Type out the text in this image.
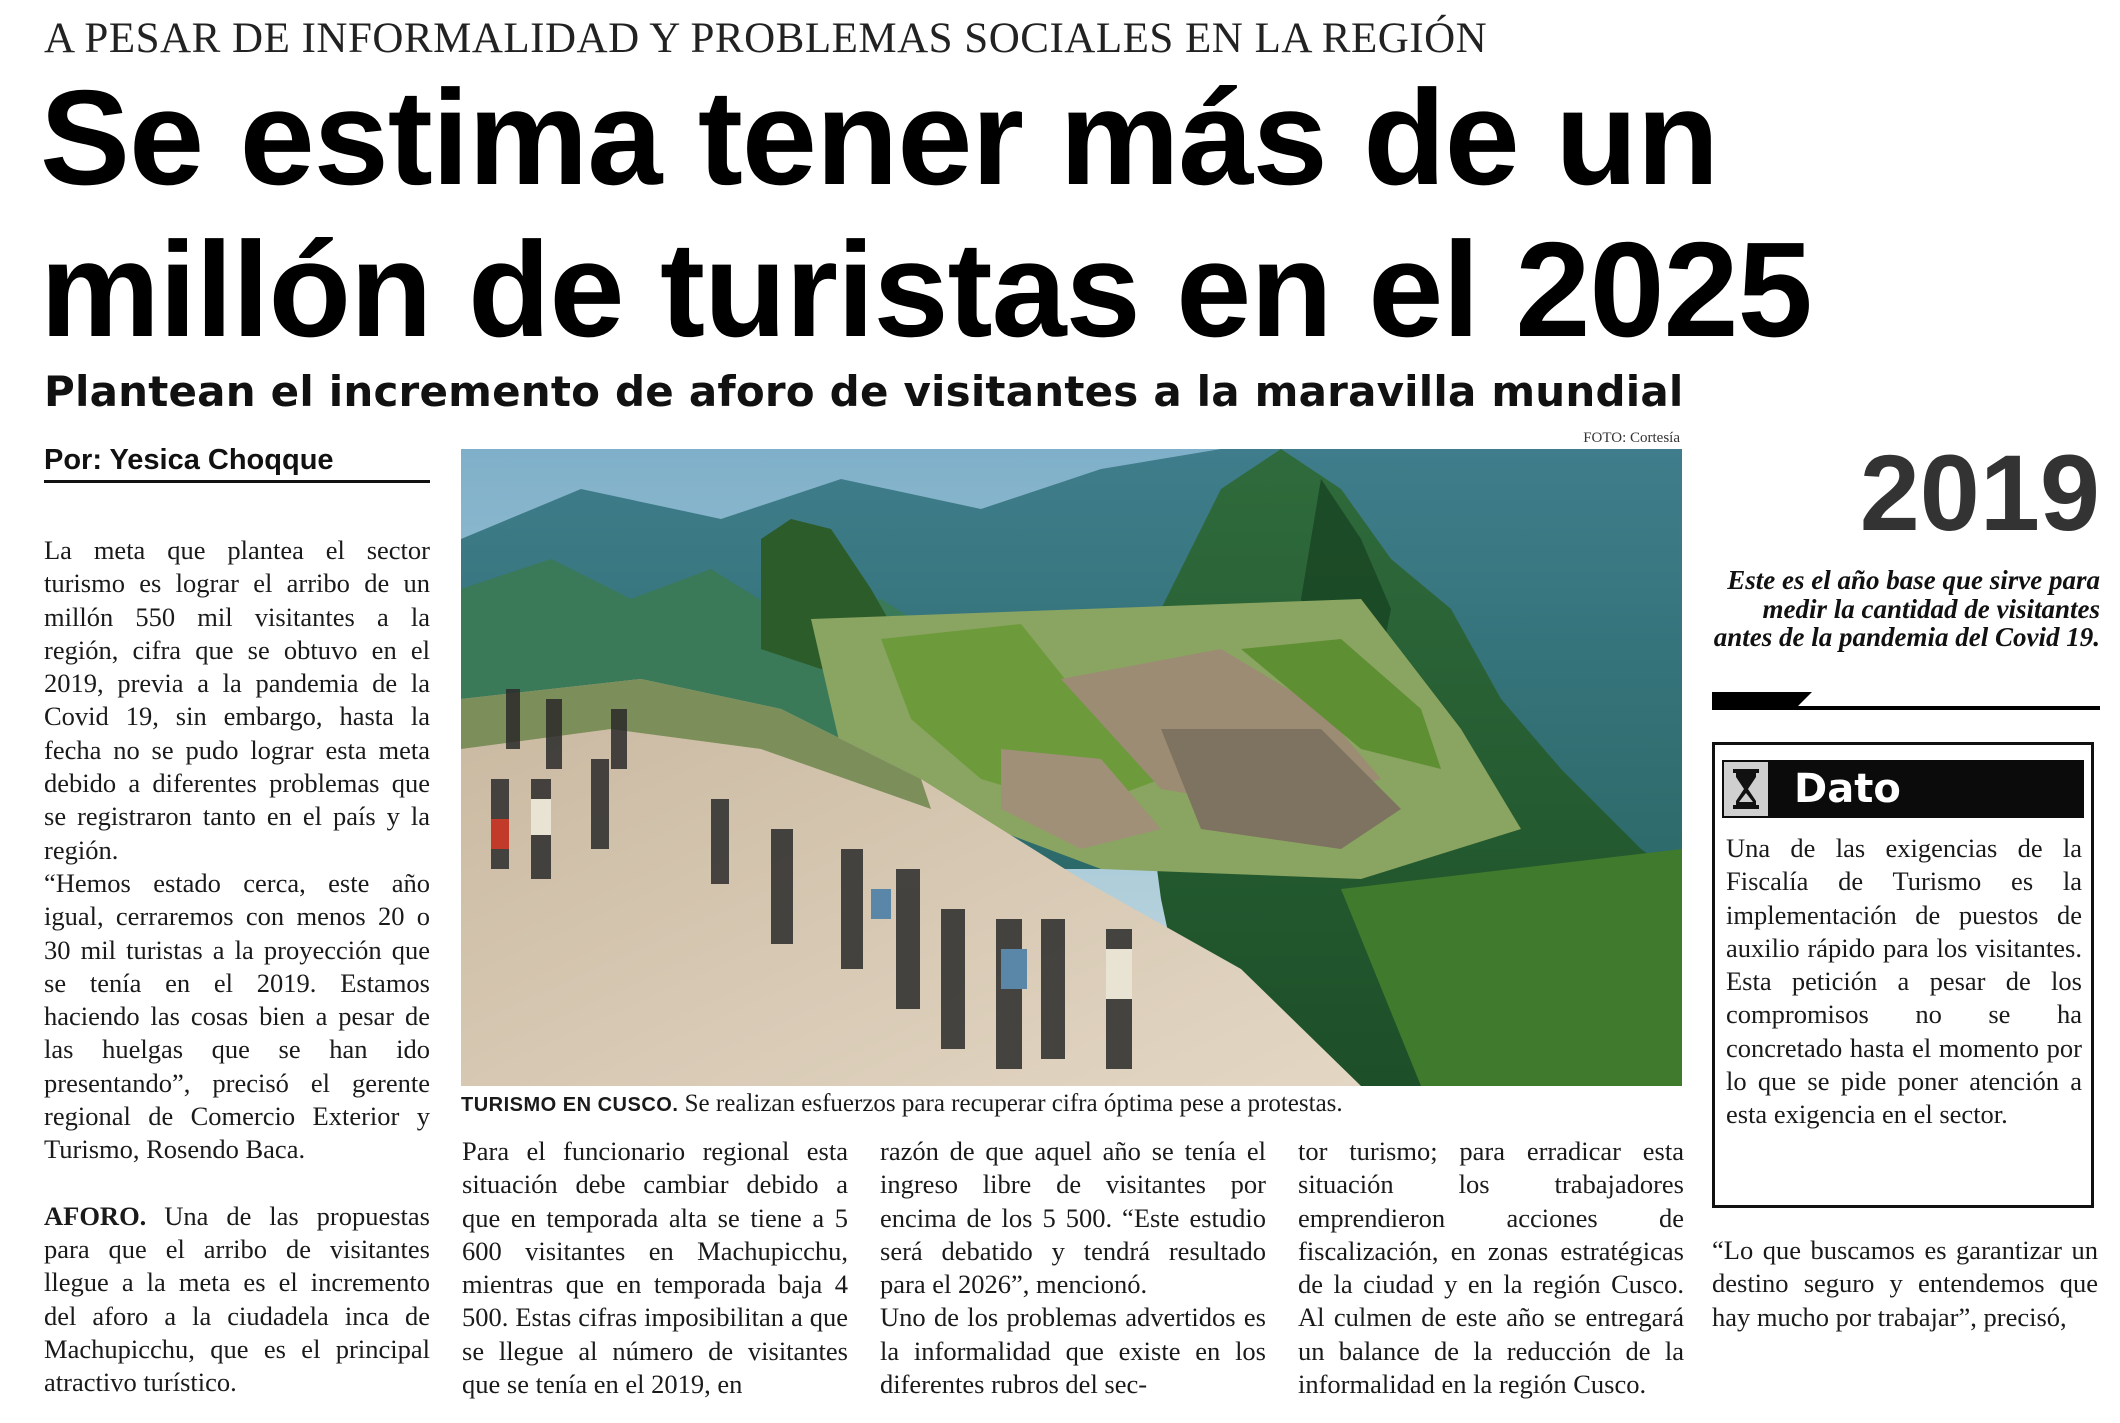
A PESAR DE INFORMALIDAD Y PROBLEMAS SOCIALES EN LA REGIÓN
Se estima tener más de un
millón de turistas en el 2025
Plantean el incremento de aforo de visitantes a la maravilla mundial
Por: Yesica Choqque

La meta que plantea el sector turismo es lograr el arribo de un millón 550 mil visitantes a la región, cifra que se obtuvo en el 2019, previa a la pandemia de la Covid 19, sin embargo, hasta la fecha no se pudo lograr esta meta debido a diferentes problemas que se registraron tanto en el país y la región.

“Hemos estado cerca, este año igual, cerraremos con menos 20 o 30 mil turistas a la proyección que se tenía en el 2019. Estamos haciendo las cosas bien a pesar de las huelgas que se han ido presentando”, precisó el gerente regional de Comercio Exterior y Turismo, Rosendo Baca.

AFORO. Una de las propuestas para que el arribo de visitantes llegue a la meta es el incremento del aforo a la ciudadela inca de Machupicchu, que es el principal atractivo turístico.

FOTO: Cortesía
TURISMO EN CUSCO. Se realizan esfuerzos para recuperar cifra óptima pese a protestas.

Para el funcionario regional esta situación debe cambiar debido a que en temporada alta se tiene a 5 600 visitantes en Machupicchu, mientras que en temporada baja 4 500. Estas cifras imposibilitan a que se llegue al número de visitantes que se tenía en el 2019, en

razón de que aquel año se tenía el ingreso libre de visitantes por encima de los 5 500. “Este estudio será debatido y tendrá resultado para el 2026”, mencionó.

Uno de los problemas advertidos es la informalidad que existe en los diferentes rubros del sec-

tor turismo; para erradicar esta situación los trabajadores emprendieron acciones de fiscalización, en zonas estratégicas de la ciudad y en la región Cusco. Al culmen de este año se entregará un balance de la reducción de la informalidad en la región Cusco.

2019
Este es el año base que sirve para medir la cantidad de visitantes antes de la pandemia del Covid 19.
Dato

Una de las exigencias de la Fiscalía de Turismo es la implementación de puestos de auxilio rápido para los visitantes. Esta petición a pesar de los compromisos no se ha concretado hasta el momento por lo que se pide poner atención a esta exigencia en el sector.

“Lo que buscamos es garantizar un destino seguro y entendemos que hay mucho por trabajar”, precisó,
